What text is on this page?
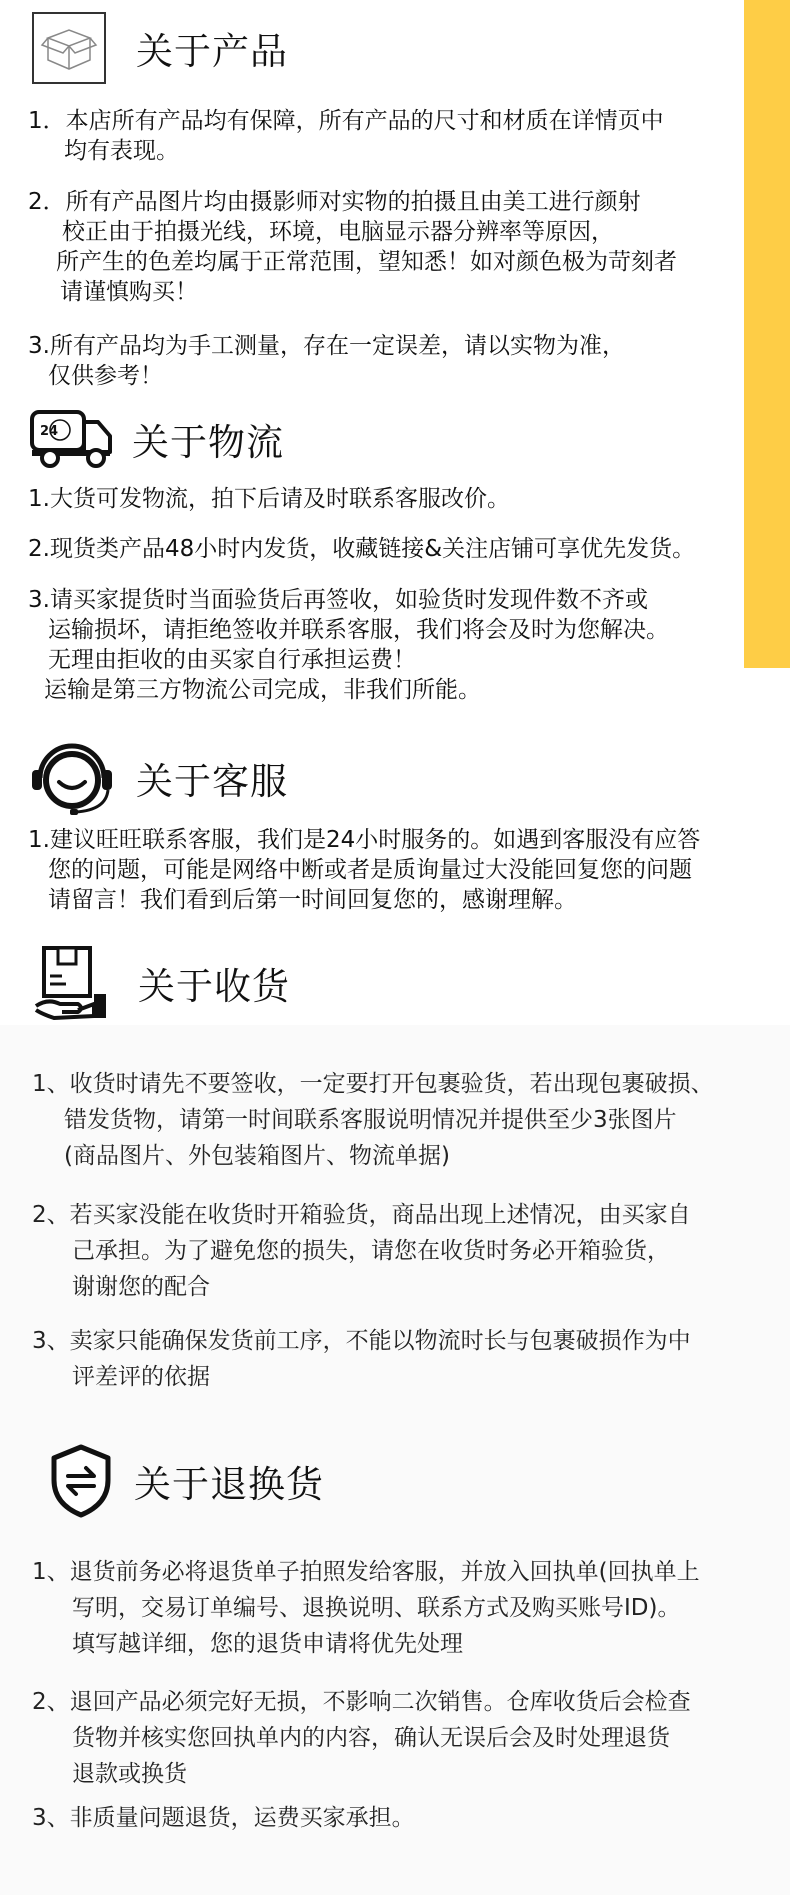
关于产品
1．本店所有产品均有保障，所有产品的尺寸和材质在详情页中
均有表现。
2．所有产品图片均由摄影师对实物的拍摄且由美工进行颜射
校正由于拍摄光线，环境，电脑显示器分辨率等原因，
所产生的色差均属于正常范围，望知悉！如对颜色极为苛刻者
请谨慎购买！
3.所有产品均为手工测量，存在一定误差，请以实物为准，
仅供参考！
24 关于物流
1.大货可发物流，拍下后请及时联系客服改价。
2.现货类产品48小时内发货，收藏链接&关注店铺可享优先发货。
3.请买家提货时当面验货后再签收，如验货时发现件数不齐或
运输损坏，请拒绝签收并联系客服，我们将会及时为您解决。
无理由拒收的由买家自行承担运费！
运输是第三方物流公司完成，非我们所能。
关于客服
1.建议旺旺联系客服，我们是24小时服务的。如遇到客服没有应答
您的问题，可能是网络中断或者是质询量过大没能回复您的问题
请留言！我们看到后第一时间回复您的，感谢理解。
关于收货
1、收货时请先不要签收，一定要打开包裹验货，若出现包裹破损、
错发货物，请第一时间联系客服说明情况并提供至少3张图片
(商品图片、外包装箱图片、物流单据)
2、若买家没能在收货时开箱验货，商品出现上述情况，由买家自
己承担。为了避免您的损失，请您在收货时务必开箱验货，
谢谢您的配合
3、卖家只能确保发货前工序，不能以物流时长与包裹破损作为中
评差评的依据
关于退换货
1、退货前务必将退货单子拍照发给客服，并放入回执单(回执单上
写明，交易订单编号、退换说明、联系方式及购买账号ID)。
填写越详细，您的退货申请将优先处理
2、退回产品必须完好无损，不影响二次销售。仓库收货后会检查
货物并核实您回执单内的内容，确认无误后会及时处理退货
退款或换货
3、非质量问题退货，运费买家承担。
